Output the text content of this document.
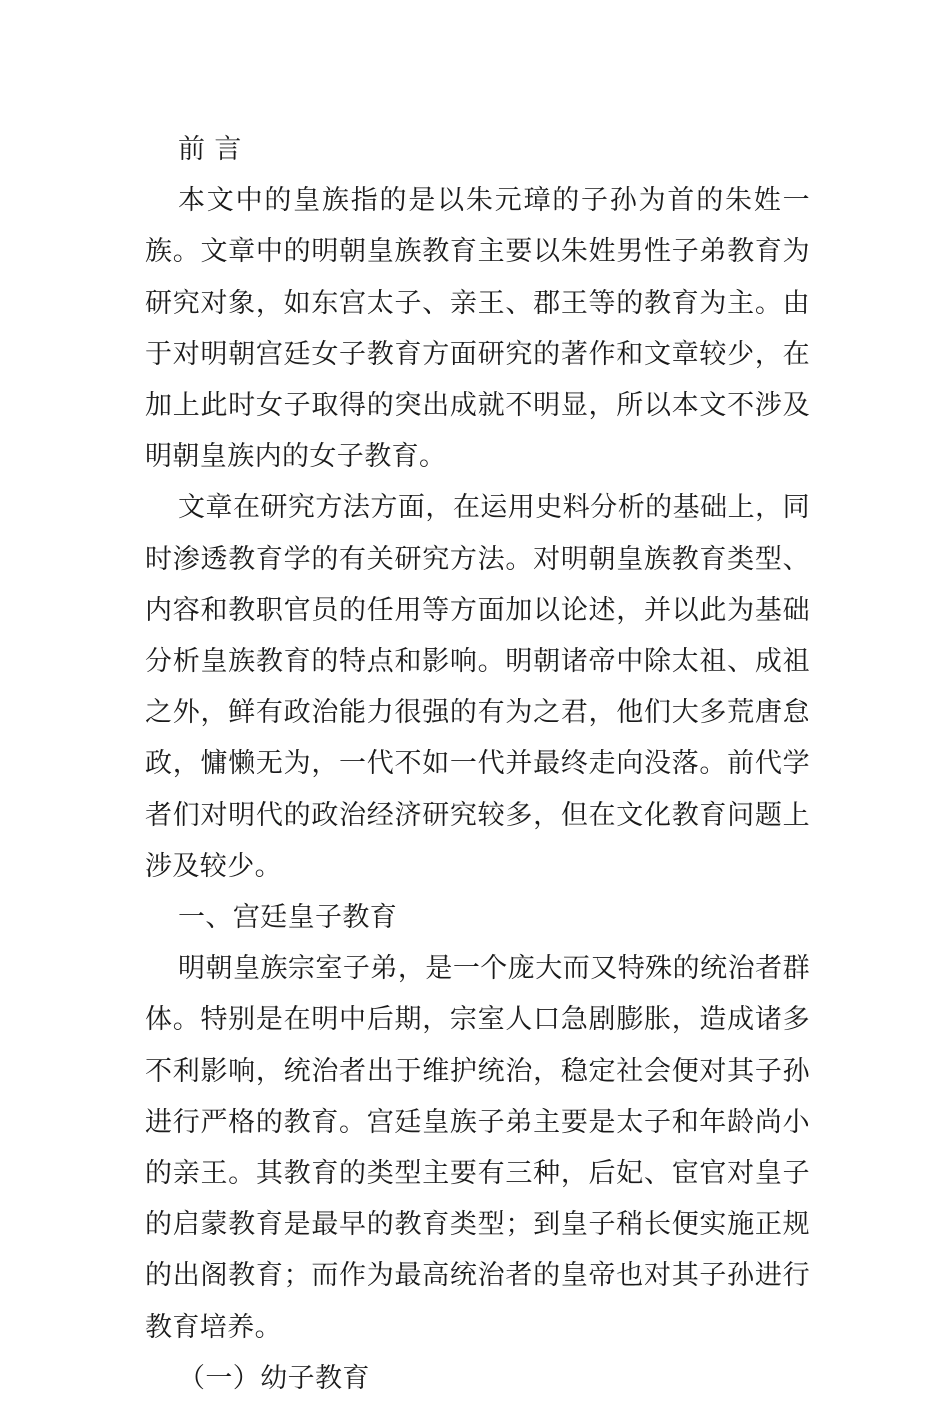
前 言
本文中的皇族指的是以朱元璋的子孙为首的朱姓一族。文章中的明朝皇族教育主要以朱姓男性子弟教育为研究对象，如东宫太子、亲王、郡王等的教育为主。由于对明朝宫廷女子教育方面研究的著作和文章较少，在加上此时女子取得的突出成就不明显，所以本文不涉及明朝皇族内的女子教育。
文章在研究方法方面，在运用史料分析的基础上，同时渗透教育学的有关研究方法。对明朝皇族教育类型、内容和教职官员的任用等方面加以论述，并以此为基础分析皇族教育的特点和影响。明朝诸帝中除太祖、成祖之外，鲜有政治能力很强的有为之君，他们大多荒唐怠政，慵懒无为，一代不如一代并最终走向没落。前代学者们对明代的政治经济研究较多，但在文化教育问题上涉及较少。
一、宫廷皇子教育
明朝皇族宗室子弟，是一个庞大而又特殊的统治者群体。特别是在明中后期，宗室人口急剧膨胀，造成诸多不利影响，统治者出于维护统治，稳定社会便对其子孙进行严格的教育。宫廷皇族子弟主要是太子和年龄尚小的亲王。其教育的类型主要有三种，后妃、宦官对皇子的启蒙教育是最早的教育类型；到皇子稍长便实施正规的出阁教育；而作为最高统治者的皇帝也对其子孙进行教育培养。
（一）幼子教育
